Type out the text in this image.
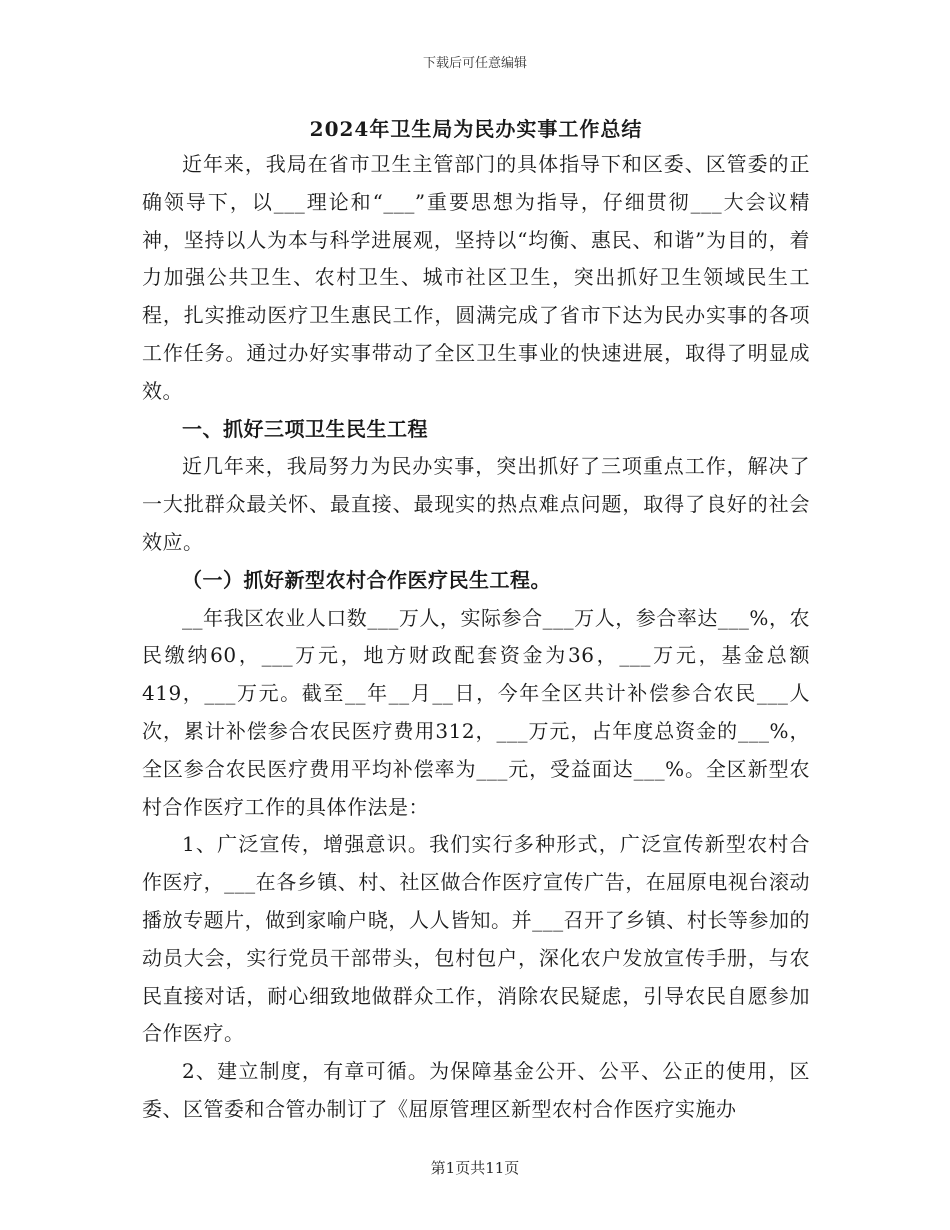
下载后可任意编辑
2024年卫生局为民办实事工作总结

近年来，我局在省市卫生主管部门的具体指导下和区委、区管委的正确领导下，以___理论和“___”重要思想为指导，仔细贯彻___大会议精神，坚持以人为本与科学进展观，坚持以“均衡、惠民、和谐”为目的，着力加强公共卫生、农村卫生、城市社区卫生，突出抓好卫生领域民生工程，扎实推动医疗卫生惠民工作，圆满完成了省市下达为民办实事的各项工作任务。通过办好实事带动了全区卫生事业的快速进展，取得了明显成效。

一、抓好三项卫生民生工程

近几年来，我局努力为民办实事，突出抓好了三项重点工作，解决了一大批群众最关怀、最直接、最现实的热点难点问题，取得了良好的社会效应。

（一）抓好新型农村合作医疗民生工程。

__年我区农业人口数___万人，实际参合___万人，参合率达___%，农民缴纳60，___万元，地方财政配套资金为36，___万元，基金总额419，___万元。截至__年__月__日，今年全区共计补偿参合农民___人次，累计补偿参合农民医疗费用312，___万元，占年度总资金的___%，全区参合农民医疗费用平均补偿率为___元，受益面达___%。全区新型农村合作医疗工作的具体作法是：

1、广泛宣传，增强意识。我们实行多种形式，广泛宣传新型农村合作医疗，___在各乡镇、村、社区做合作医疗宣传广告，在屈原电视台滚动播放专题片，做到家喻户晓，人人皆知。并___召开了乡镇、村长等参加的动员大会，实行党员干部带头，包村包户，深化农户发放宣传手册，与农民直接对话，耐心细致地做群众工作，消除农民疑虑，引导农民自愿参加合作医疗。

2、建立制度，有章可循。为保障基金公开、公平、公正的使用，区委、区管委和合管办制订了《屈原管理区新型农村合作医疗实施办

第1页共11页
